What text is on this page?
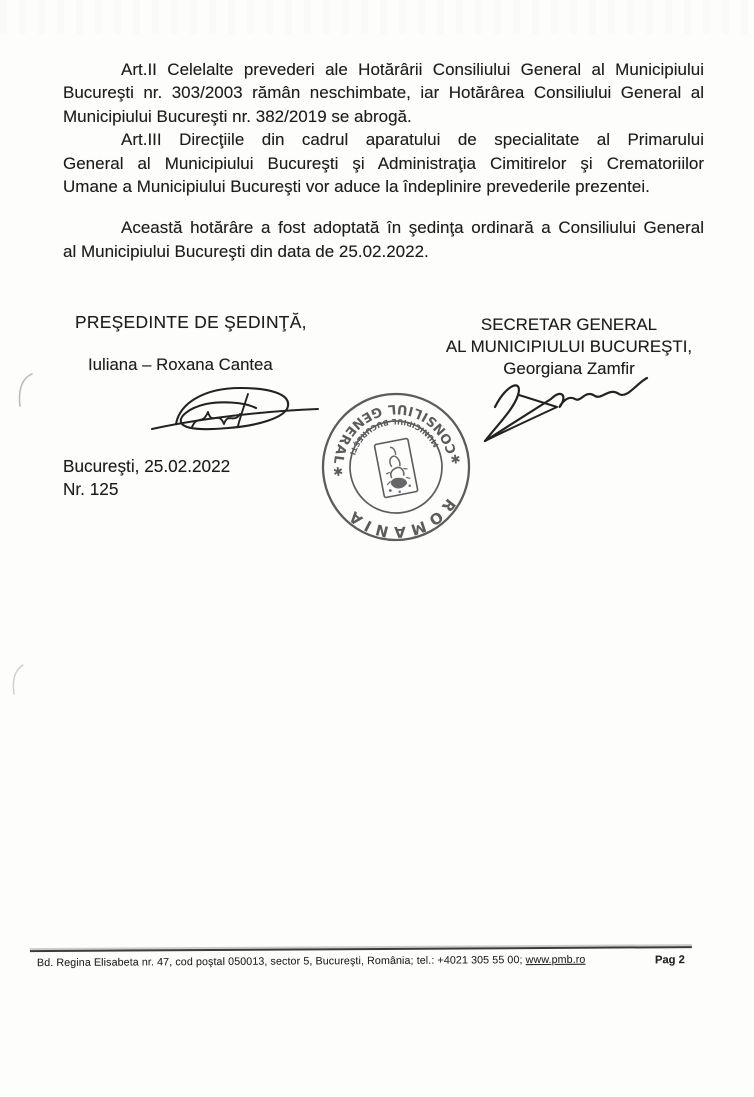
Art.II Celelalte prevederi ale Hotărârii Consiliului General al Municipiului
Bucureşti nr. 303/2003 rămân neschimbate, iar Hotărârea Consiliului General al
Municipiului Bucureşti nr. 382/2019 se abrogă.
Art.III Direcţiile din cadrul aparatului de specialitate al Primarului
General al Municipiului Bucureşti şi Administraţia Cimitirelor şi Crematoriilor
Umane a Municipiului Bucureşti vor aduce la îndeplinire prevederile prezentei.
Această hotărâre a fost adoptată în şedinţa ordinară a Consiliului General
al Municipiului Bucureşti din data de 25.02.2022.
PREŞEDINTE DE ŞEDINŢĂ,
Iuliana – Roxana Cantea
SECRETAR GENERAL
AL MUNICIPIULUI BUCUREŞTI,
Georgiana Zamfir
ROMÂNIA
CONSILIUL GENERAL
MUNICIPIUL BUCUREŞTI	✱
✱
Bucureşti, 25.02.2022
Nr. 125
Bd. Regina Elisabeta nr. 47, cod poştal 050013, sector 5, Bucureşti, România; tel.: +4021 305 55 00; www.pmb.ro	Pag 2
